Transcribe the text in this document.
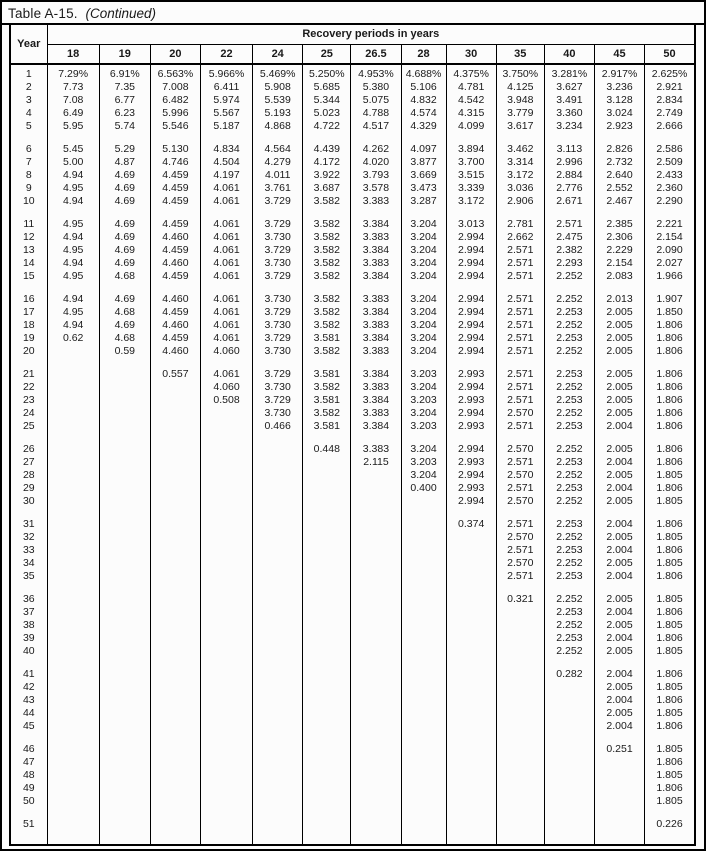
Table A-15. (Continued)
Year	Recovery periods in years												
	18	19	20	22	24	25	26.5	28	30	35	40	45	50

1	7.29%	6.91%	6.563%	5.966%	5.469%	5.250%	4.953%	4.688%	4.375%	3.750%	3.281%	2.917%	2.625%
2	7.73	7.35	7.008	6.411	5.908	5.685	5.380	5.106	4.781	4.125	3.627	3.236	2.921
3	7.08	6.77	6.482	5.974	5.539	5.344	5.075	4.832	4.542	3.948	3.491	3.128	2.834
4	6.49	6.23	5.996	5.567	5.193	5.023	4.788	4.574	4.315	3.779	3.360	3.024	2.749
5	5.95	5.74	5.546	5.187	4.868	4.722	4.517	4.329	4.099	3.617	3.234	2.923	2.666

6	5.45	5.29	5.130	4.834	4.564	4.439	4.262	4.097	3.894	3.462	3.113	2.826	2.586
7	5.00	4.87	4.746	4.504	4.279	4.172	4.020	3.877	3.700	3.314	2.996	2.732	2.509
8	4.94	4.69	4.459	4.197	4.011	3.922	3.793	3.669	3.515	3.172	2.884	2.640	2.433
9	4.95	4.69	4.459	4.061	3.761	3.687	3.578	3.473	3.339	3.036	2.776	2.552	2.360
10	4.94	4.69	4.459	4.061	3.729	3.582	3.383	3.287	3.172	2.906	2.671	2.467	2.290

11	4.95	4.69	4.459	4.061	3.729	3.582	3.384	3.204	3.013	2.781	2.571	2.385	2.221
12	4.94	4.69	4.460	4.061	3.730	3.582	3.383	3.204	2.994	2.662	2.475	2.306	2.154
13	4.95	4.69	4.459	4.061	3.729	3.582	3.384	3.204	2.994	2.571	2.382	2.229	2.090
14	4.94	4.69	4.460	4.061	3.730	3.582	3.383	3.204	2.994	2.571	2.293	2.154	2.027
15	4.95	4.68	4.459	4.061	3.729	3.582	3.384	3.204	2.994	2.571	2.252	2.083	1.966

16	4.94	4.69	4.460	4.061	3.730	3.582	3.383	3.204	2.994	2.571	2.252	2.013	1.907
17	4.95	4.68	4.459	4.061	3.729	3.582	3.384	3.204	2.994	2.571	2.253	2.005	1.850
18	4.94	4.69	4.460	4.061	3.730	3.582	3.383	3.204	2.994	2.571	2.252	2.005	1.806
19	0.62	4.68	4.459	4.061	3.729	3.581	3.384	3.204	2.994	2.571	2.253	2.005	1.806
20		0.59	4.460	4.060	3.730	3.582	3.383	3.204	2.994	2.571	2.252	2.005	1.806

21			0.557	4.061	3.729	3.581	3.384	3.203	2.993	2.571	2.253	2.005	1.806
22				4.060	3.730	3.582	3.383	3.204	2.994	2.571	2.252	2.005	1.806
23				0.508	3.729	3.581	3.384	3.203	2.993	2.571	2.253	2.005	1.806
24					3.730	3.582	3.383	3.204	2.994	2.570	2.252	2.005	1.806
25					0.466	3.581	3.384	3.203	2.993	2.571	2.253	2.004	1.806

26						0.448	3.383	3.204	2.994	2.570	2.252	2.005	1.806
27							2.115	3.203	2.993	2.571	2.253	2.004	1.806
28								3.204	2.994	2.570	2.252	2.005	1.805
29								0.400	2.993	2.571	2.253	2.004	1.806
30									2.994	2.570	2.252	2.005	1.805

31									0.374	2.571	2.253	2.004	1.806
32										2.570	2.252	2.005	1.805
33										2.571	2.253	2.004	1.806
34										2.570	2.252	2.005	1.805
35										2.571	2.253	2.004	1.806

36										0.321	2.252	2.005	1.805
37											2.253	2.004	1.806
38											2.252	2.005	1.805
39											2.253	2.004	1.806
40											2.252	2.005	1.805

41											0.282	2.004	1.806
42												2.005	1.805
43												2.004	1.806
44												2.005	1.805
45												2.004	1.806

46												0.251	1.805
47													1.806
48													1.805
49													1.806
50													1.805

51													0.226
